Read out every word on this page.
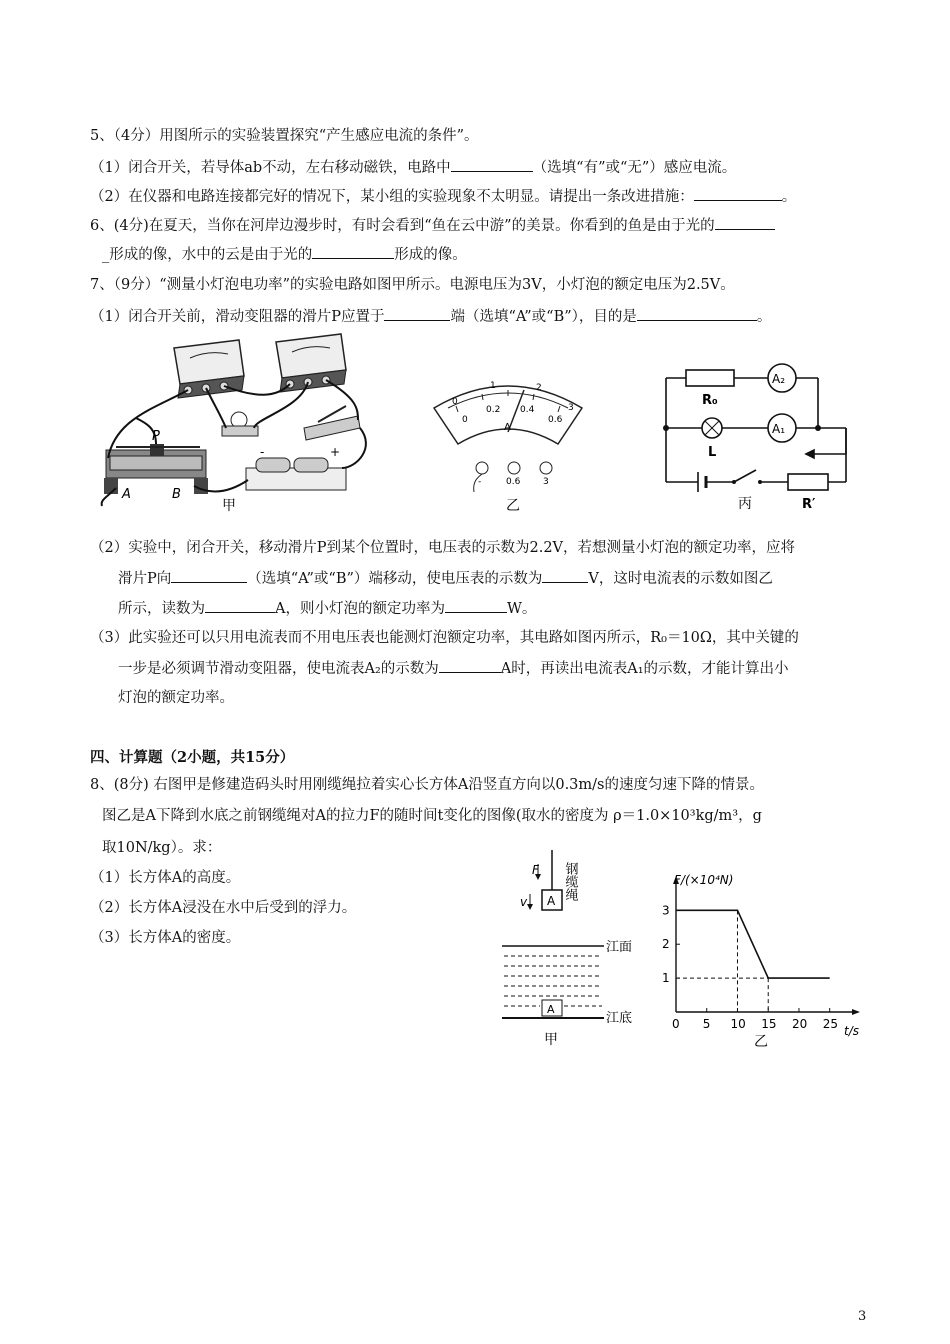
5、（4分）用图所示的实验装置探究“产生感应电流的条件”。
（1）闭合开关，若导体ab不动，左右移动磁铁，电路中	（选填“有”或“无”）感应电流。
（2）在仪器和电路连接都完好的情况下，某小组的实验现象不太明显。请提出一条改进措施：	。
6、(4分)在夏天，当你在河岸边漫步时，有时会看到“鱼在云中游”的美景。你看到的鱼是由于光的
_形成的像，水中的云是由于光的	形成的像。
7、（9分）“测量小灯泡电功率”的实验电路如图甲所示。电源电压为3V，小灯泡的额定电压为2.5V。
（1）闭合开关前，滑动变阻器的滑片P应置于	端（选填“A”或“B”），目的是	。
-	+
P
A	B
甲
0
1	2
3
0
0.2 0.4
0.6
A
-	0.6	3
乙
A₂
A₁
R₀
L
R′
丙
（2）实验中，闭合开关，移动滑片P到某个位置时，电压表的示数为2.2V，若想测量小灯泡的额定功率，应将
滑片P向	（选填“A”或“B”）端移动，使电压表的示数为	V，这时电流表的示数如图乙
所示，读数为	A，则小灯泡的额定功率为	W。
（3）此实验还可以只用电流表而不用电压表也能测灯泡额定功率，其电路如图丙所示，R₀＝10Ω，其中关键的
一步是必须调节滑动变阻器，使电流表A₂的示数为	A时，再读出电流表A₁的示数，才能计算出小
灯泡的额定功率。
四、计算题（2小题，共15分）
8、(8分) 右图甲是修建造码头时用刚缆绳拉着实心长方体A沿竖直方向以0.3m/s的速度匀速下降的情景。
图乙是A下降到水底之前钢缆绳对A的拉力F的随时间t变化的图像(取水的密度为 ρ＝1.0×10³kg/m³，g
取10N/kg）。求：
（1）长方体A的高度。
（2）长方体A浸没在水中后受到的浮力。
（3）长方体A的密度。
A
F
v
钢缆绳
A
江面
江底
甲
0 5 10 15 20 25
1
2
3
F/(×10⁴N)
t/s
乙
3
